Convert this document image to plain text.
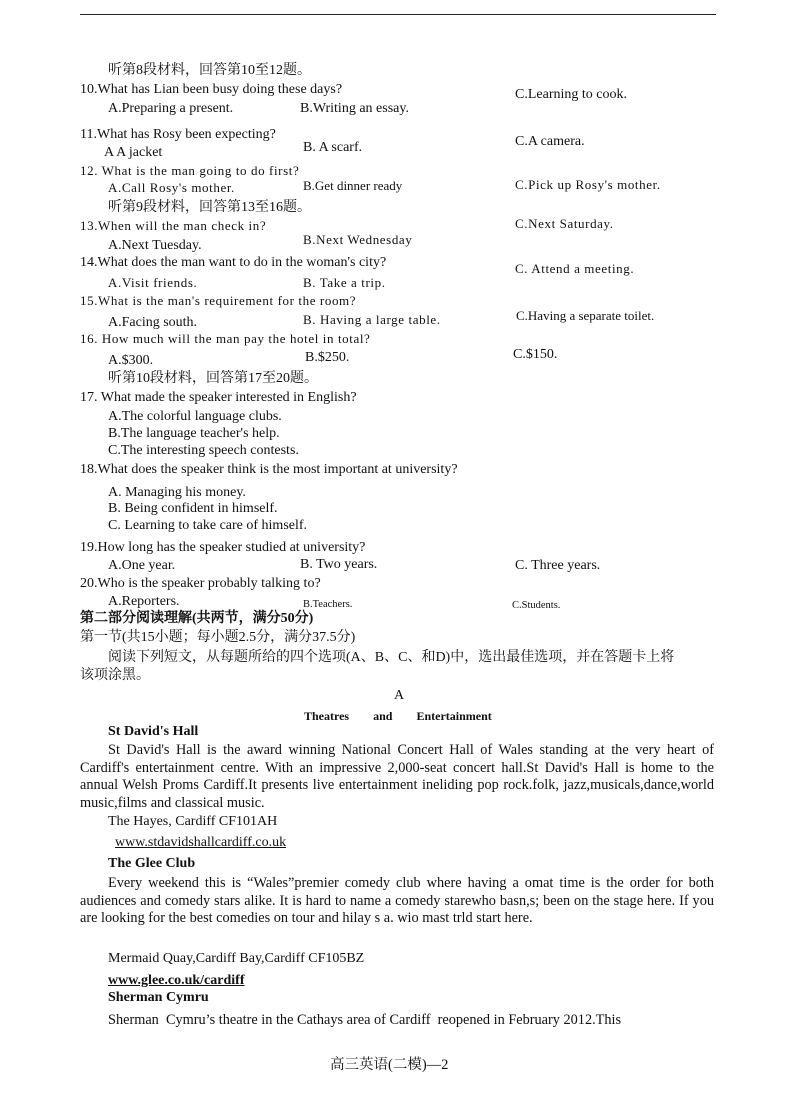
听第8段材料，回答第10至12题。
10.What has Lian been busy doing these days?
A.Preparing a present.	B.Writing an essay.
C.Learning to cook.
11.What has Rosy been expecting?
A A jacket	B. A scarf.	C.A camera.
12. What is the man going to do first?
A.Call Rosy's mother.	B.Get dinner ready	C.Pick up Rosy's mother.
听第9段材料，回答第13至16题。
13.When will the man check in?
A.Next Tuesday.	B.Next Wednesday
C.Next Saturday.
14.What does the man want to do in the woman's city?
A.Visit friends.	B. Take a trip.
C. Attend a meeting.
15.What is the man's requirement for the room?
A.Facing south.	B. Having a large table.	C.Having a separate toilet.
16. How much will the man pay the hotel in total?
A.$300.	B.$250.	C.$150.
听第10段材料，回答第17至20题。
17. What made the speaker interested in English?
A.The colorful language clubs.
B.The language teacher's help.
C.The interesting speech contests.
18.What does the speaker think is the most important at university?
A. Managing his money.
B. Being confident in himself.
C. Learning to take care of himself.
19.How long has the speaker studied at university?
A.One year.	B. Two years.	C. Three years.
20.Who is the speaker probably talking to?
A.Reporters.	B.Teachers.	C.Students.
第二部分阅读理解(共两节，满分50分)
第一节(共15小题；每小题2.5分，满分37.5分)
阅读下列短文，从每题所给的四个选项(A、B、C、和D)中，选出最佳选项，并在答题卡上将
该项涂黑。
A
Theatres        and        Entertainment
St David's Hall
St David's Hall is the award winning National Concert Hall of Wales standing at the very heart of Cardiff's entertainment centre. With an impressive 2,000-seat concert hall.St David's Hall is home to the annual Welsh Proms Cardiff.It presents live entertainment ineliding pop rock.folk, jazz,musicals,dance,world music,films and classical music.
The Hayes, Cardiff CF101AH
www.stdavidshallcardiff.co.uk
The Glee Club
Every weekend this is “Wales”premier comedy club where having a omat time is the order for both audiences and comedy stars alike. It is hard to name a comedy starewho basn,s; been on the stage here. If you are looking for the best comedies on tour and hilay s a. wio mast trld start here.
Mermaid Quay,Cardiff Bay,Cardiff CF105BZ
www.glee.co.uk/cardiff
Sherman Cymru
Sherman  Cymru’s theatre in the Cathays area of Cardiff  reopened in February 2012.This
高三英语(二模)—2
